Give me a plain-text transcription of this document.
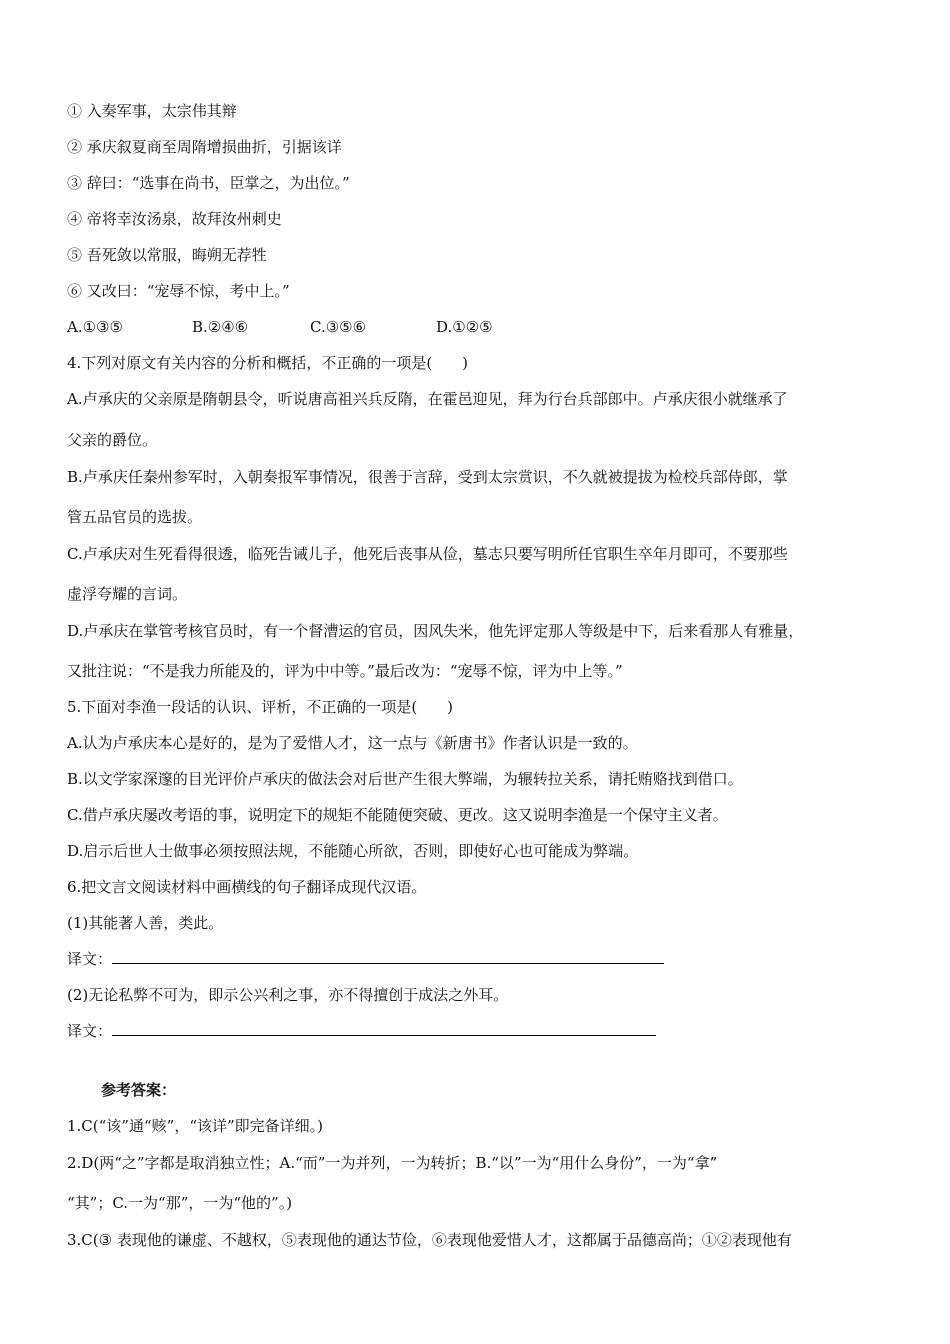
① 入奏军事，太宗伟其辩
② 承庆叙夏商至周隋增损曲折，引据该详
③ 辞曰：“选事在尚书，臣掌之，为出位。”
④ 帝将幸汝汤泉，故拜汝州刺史
⑤ 吾死敛以常服，晦朔无荐牲
⑥ 又改曰：“宠辱不惊，考中上。”
A.①③⑤	B.②④⑥	C.③⑤⑥	D.①②⑤
4.下列对原文有关内容的分析和概括，不正确的一项是(　　)
A.卢承庆的父亲原是隋朝县令，听说唐高祖兴兵反隋，在霍邑迎见，拜为行台兵部郎中。卢承庆很小就继承了
父亲的爵位。
B.卢承庆任秦州参军时，入朝奏报军事情况，很善于言辞，受到太宗赏识，不久就被提拔为检校兵部侍郎，掌
管五品官员的选拔。
C.卢承庆对生死看得很透，临死告诫儿子，他死后丧事从俭，墓志只要写明所任官职生卒年月即可，不要那些
虚浮夸耀的言词。
D.卢承庆在掌管考核官员时，有一个督漕运的官员，因风失米，他先评定那人等级是中下，后来看那人有雅量，
又批注说：“不是我力所能及的，评为中中等。”最后改为：“宠辱不惊，评为中上等。”
5.下面对李渔一段话的认识、评析，不正确的一项是(　　)
A.认为卢承庆本心是好的，是为了爱惜人才，这一点与《新唐书》作者认识是一致的。
B.以文学家深邃的目光评价卢承庆的做法会对后世产生很大弊端，为辗转拉关系，请托贿赂找到借口。
C.借卢承庆屡改考语的事，说明定下的规矩不能随便突破、更改。这又说明李渔是一个保守主义者。
D.启示后世人士做事必须按照法规，不能随心所欲，否则，即使好心也可能成为弊端。
6.把文言文阅读材料中画横线的句子翻译成现代汉语。
(1)其能著人善，类此。
译文：
(2)无论私弊不可为，即示公兴利之事，亦不得擅创于成法之外耳。
译文：
参考答案：
1.C(“该”通“赅”，“该详”即完备详细。)
2.D(两“之”字都是取消独立性；A.“而”一为并列，一为转折；B.“以”一为“用什么身份”，一为“拿”
“其”；C.一为“那”，一为“他的”。)
3.C(③ 表现他的谦虚、不越权，⑤表现他的通达节俭，⑥表现他爱惜人才，这都属于品德高尚；①②表现他有
